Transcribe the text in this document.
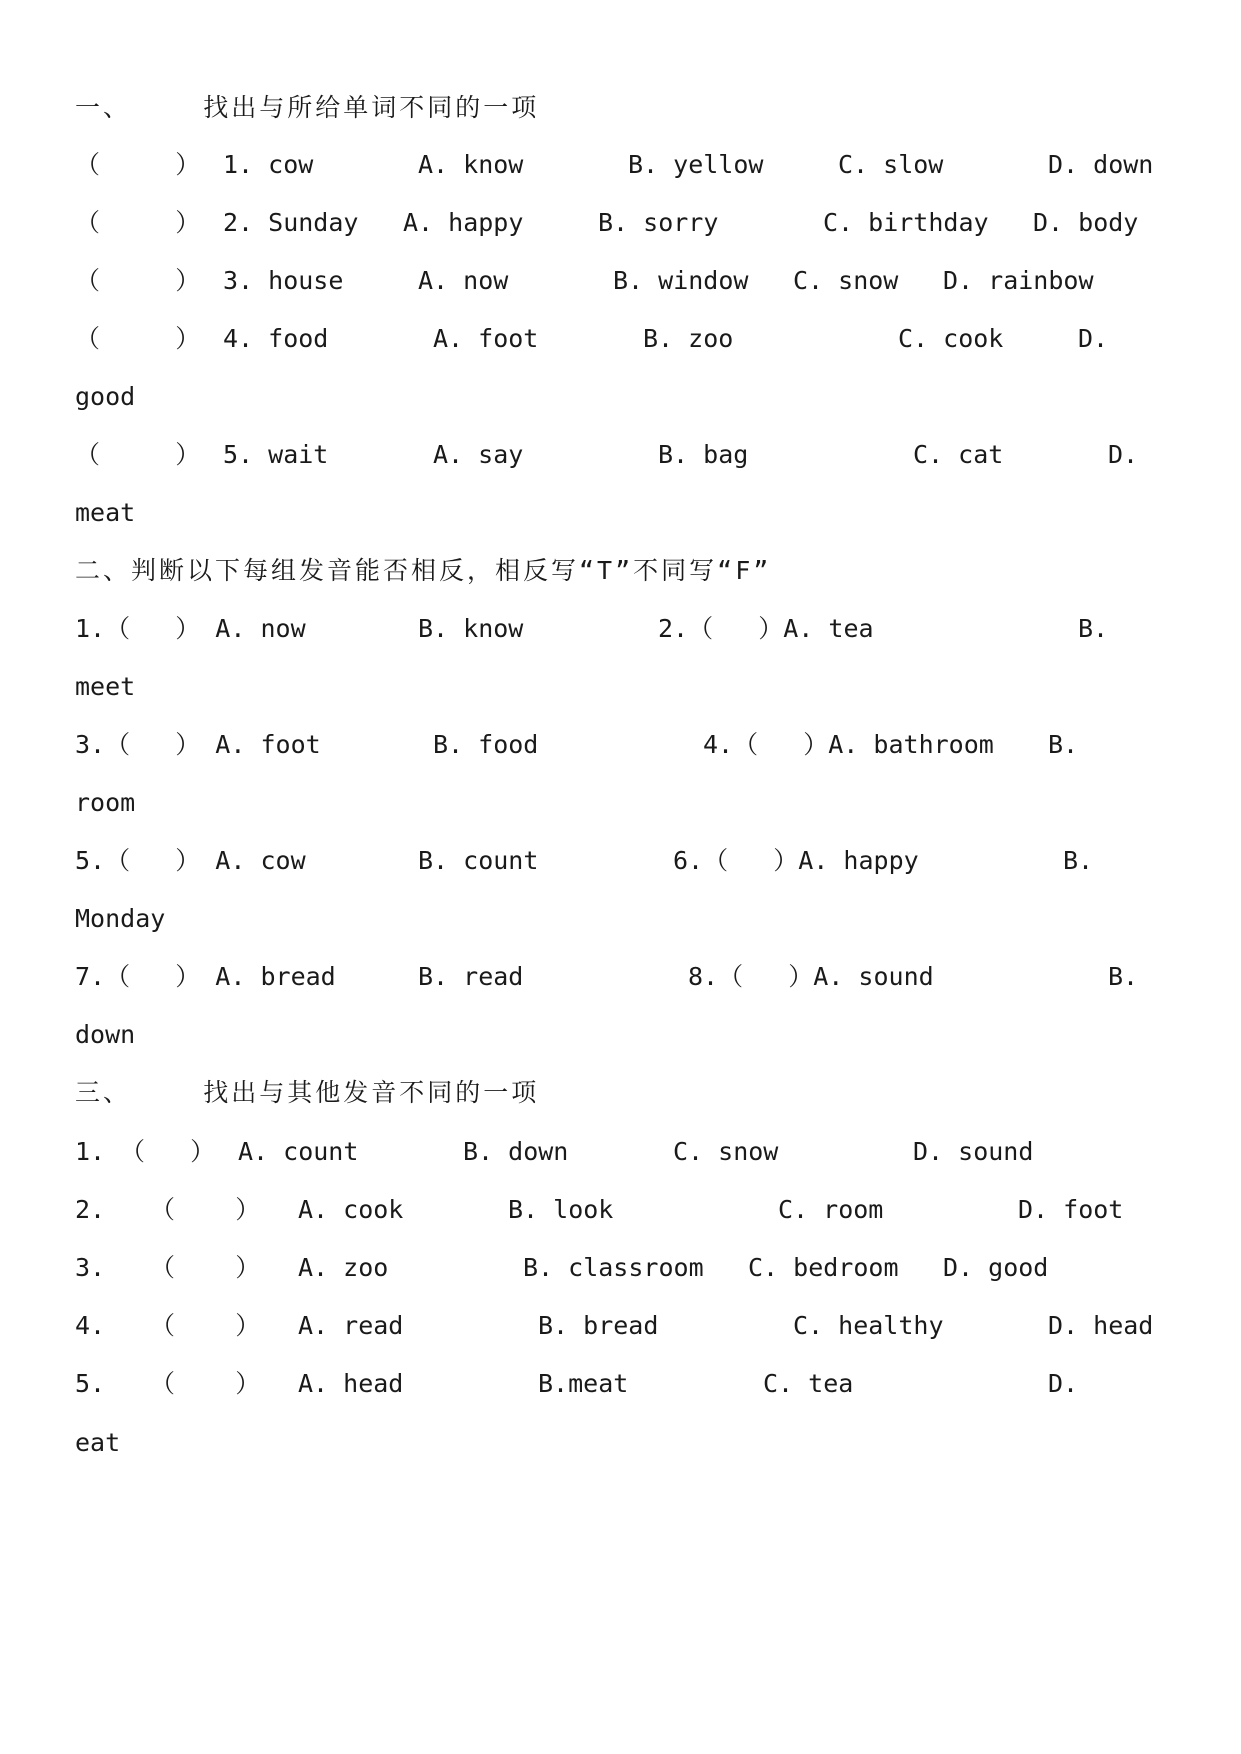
一、    找出与所给单词不同的一项

（     ）

1. cow

	A. know

	B. yellow

	C. slow

	D. down

（     ）

2. Sunday

A. happy

	B. sorry

	C. birthday

D. body

（     ）

3. house

	A. now

	B. window

C. snow

D. rainbow

（     ）

4. food

	A. foot

	B. zoo

	C. cook

	D.

good

（     ）

5. wait

	A. say

	B. bag

	C. cat

	D.

meat
二、判断以下每组发音能否相反，相反写“T”不同写“F”

1.（   ） A. now

	B. know

	2.（   ）A. tea

	B.

meet

3.（   ） A. foot

	B. food

	4.（   ）A. bathroom

B.

room

5.（   ） A. cow

	B. count

	6.（   ）A. happy

	B.

Monday

7.（   ） A. bread

	B. read

	8.（   ）A. sound

	B.

down
三、    找出与其他发音不同的一项

1.

（   ）

A. count

	B. down

	C. snow

	D. sound

2.

（    ）

A. cook

	B. look

	C. room

	D. foot

3.

（    ）

A. zoo

	B. classroom

C. bedroom

D. good

4.

（    ）

A. read

	B. bread

	C. healthy

	D. head

5.

（    ）

A. head

	B.meat

	C. tea

	D.

eat
